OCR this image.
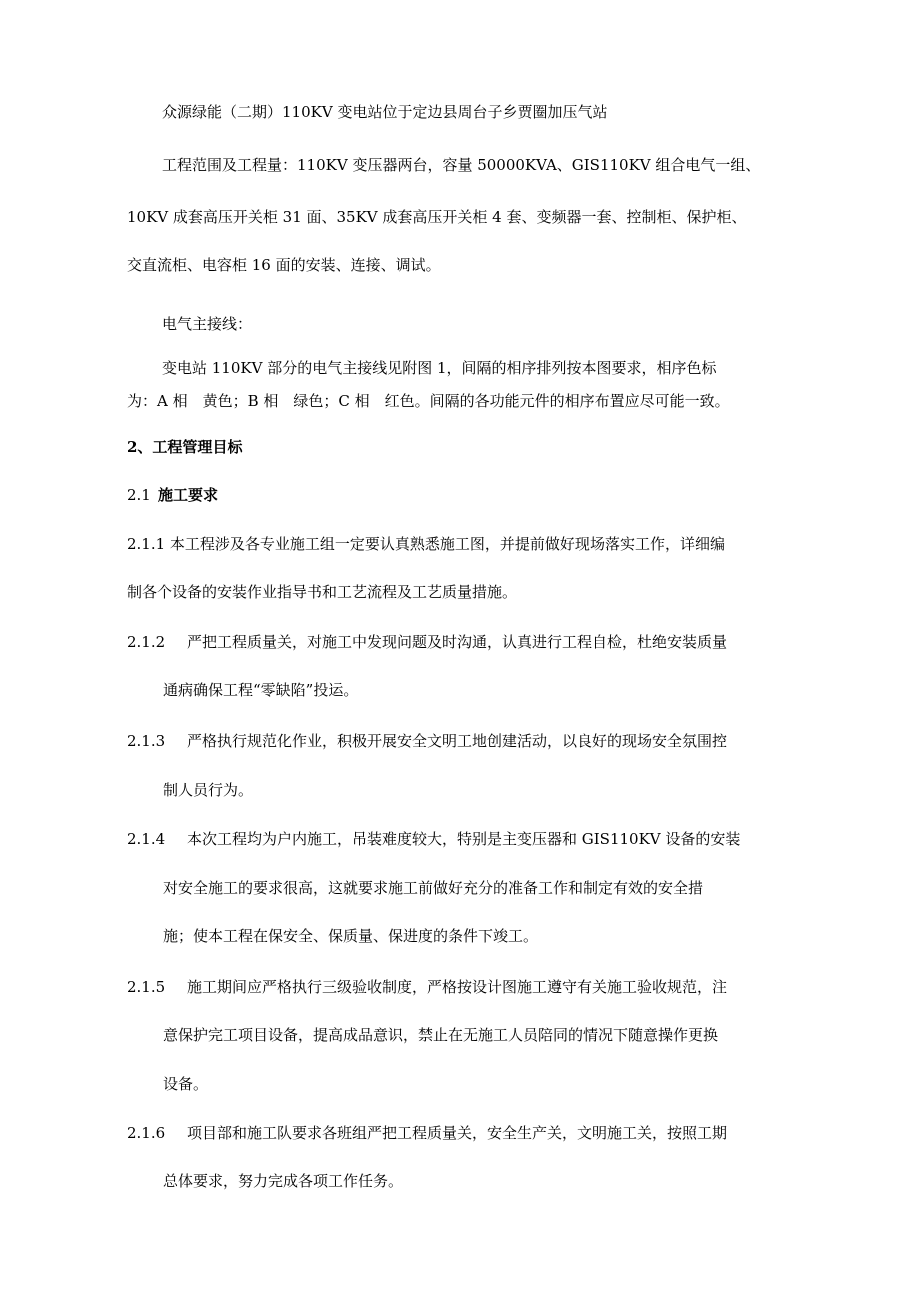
众源绿能（二期）110KV 变电站位于定边县周台子乡贾圈加压气站
工程范围及工程量：110KV 变压器两台，容量 50000KVA、GIS110KV 组合电气一组、
10KV 成套高压开关柜 31 面、35KV 成套高压开关柜 4 套、变频器一套、控制柜、保护柜、
交直流柜、电容柜 16 面的安装、连接、调试。
电气主接线：
变电站 110KV 部分的电气主接线见附图 1，间隔的相序排列按本图要求，相序色标
为：A 相　黄色；B 相　绿色；C 相　红色。间隔的各功能元件的相序布置应尽可能一致。
2、工程管理目标
2.1 施工要求
2.1.1 本工程涉及各专业施工组一定要认真熟悉施工图，并提前做好现场落实工作，详细编
制各个设备的安装作业指导书和工艺流程及工艺质量措施。
2.1.2 严把工程质量关，对施工中发现问题及时沟通，认真进行工程自检，杜绝安装质量
通病确保工程“零缺陷”投运。
2.1.3 严格执行规范化作业，积极开展安全文明工地创建活动，以良好的现场安全氛围控
制人员行为。
2.1.4 本次工程均为户内施工，吊装难度较大，特别是主变压器和 GIS110KV 设备的安装
对安全施工的要求很高，这就要求施工前做好充分的准备工作和制定有效的安全措
施；使本工程在保安全、保质量、保进度的条件下竣工。
2.1.5 施工期间应严格执行三级验收制度，严格按设计图施工遵守有关施工验收规范，注
意保护完工项目设备，提高成品意识，禁止在无施工人员陪同的情况下随意操作更换
设备。
2.1.6 项目部和施工队要求各班组严把工程质量关，安全生产关，文明施工关，按照工期
总体要求，努力完成各项工作任务。
